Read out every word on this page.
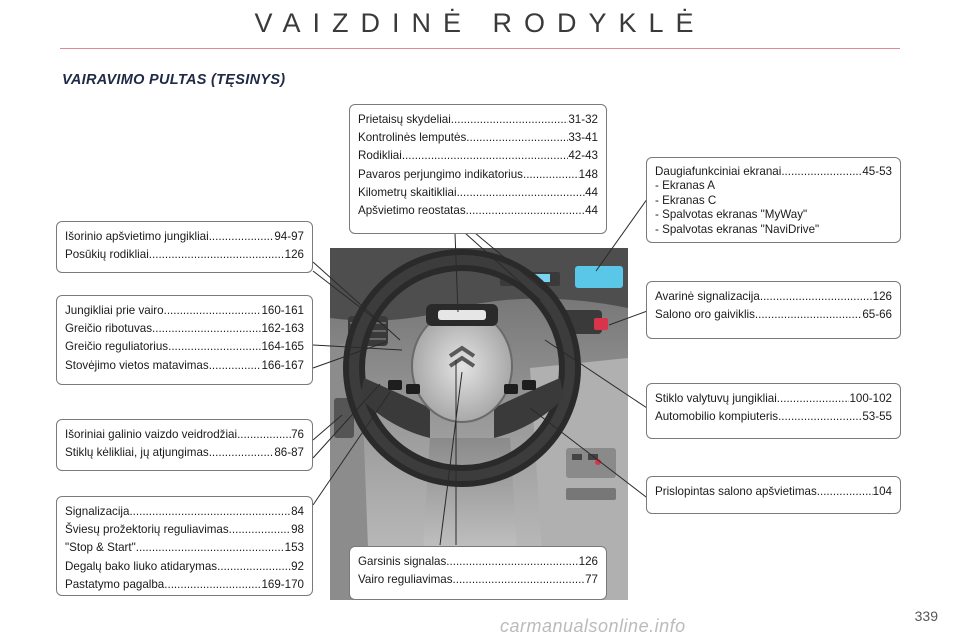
VAIZDINĖ RODYKLĖ
VAIRAVIMO PULTAS (TĘSINYS)
Prietaisų skydeliai .....	31-32
Kontrolinės lemputės .....	33-41
Rodikliai .....	42-43
Pavaros perjungimo indikatorius .....	148
Kilometrų skaitikliai .....	44
Apšvietimo reostatas .....	44
Daugiafunkciniai ekranai .....	45-53
- Ekranas A
- Ekranas C
- Spalvotas ekranas "MyWay"
- Spalvotas ekranas "NaviDrive"
Išorinio apšvietimo jungikliai .....	94-97
Posūkių rodikliai .....	126
Jungikliai prie vairo .....	160-161
Greičio ribotuvas .....	162-163
Greičio reguliatorius .....	164-165
Stovėjimo vietos matavimas .....	166-167
Avarinė signalizacija .....	126
Salono oro gaiviklis .....	65-66
Išoriniai galinio vaizdo veidrodžiai .....	76
Stiklų kėlikliai, jų atjungimas .....	86-87
Stiklo valytuvų jungikliai .....	100-102
Automobilio kompiuteris .....	53-55
Prislopintas salono apšvietimas .....	104
Signalizacija .....	84
Šviesų prožektorių reguliavimas .....	98
"Stop & Start" .....	153
Degalų bako liuko atidarymas .....	92
Pastatymo pagalba .....	169-170
Garsinis signalas .....	126
Vairo reguliavimas .....	77
carmanualsonline.info	339
